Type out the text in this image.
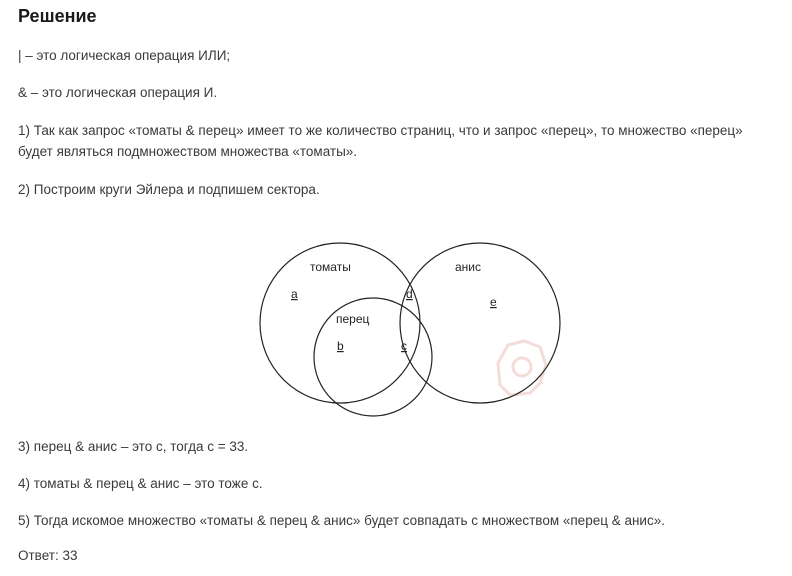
Решение

| – это логическая операция ИЛИ;

& – это логическая операция И.

1) Так как запрос «томаты & перец» имеет то же количество страниц, что и запрос «перец», то множество «перец» будет являться подмножеством множества «томаты».

2) Построим круги Эйлера и подпишем сектора.

томаты	анис
перец
a
b	c
d
e

3) перец & анис – это с, тогда с = 33.

4) томаты & перец & анис – это тоже с.

5) Тогда искомое множество «томаты & перец & анис» будет совпадать с множеством «перец & анис».

Ответ: 33
